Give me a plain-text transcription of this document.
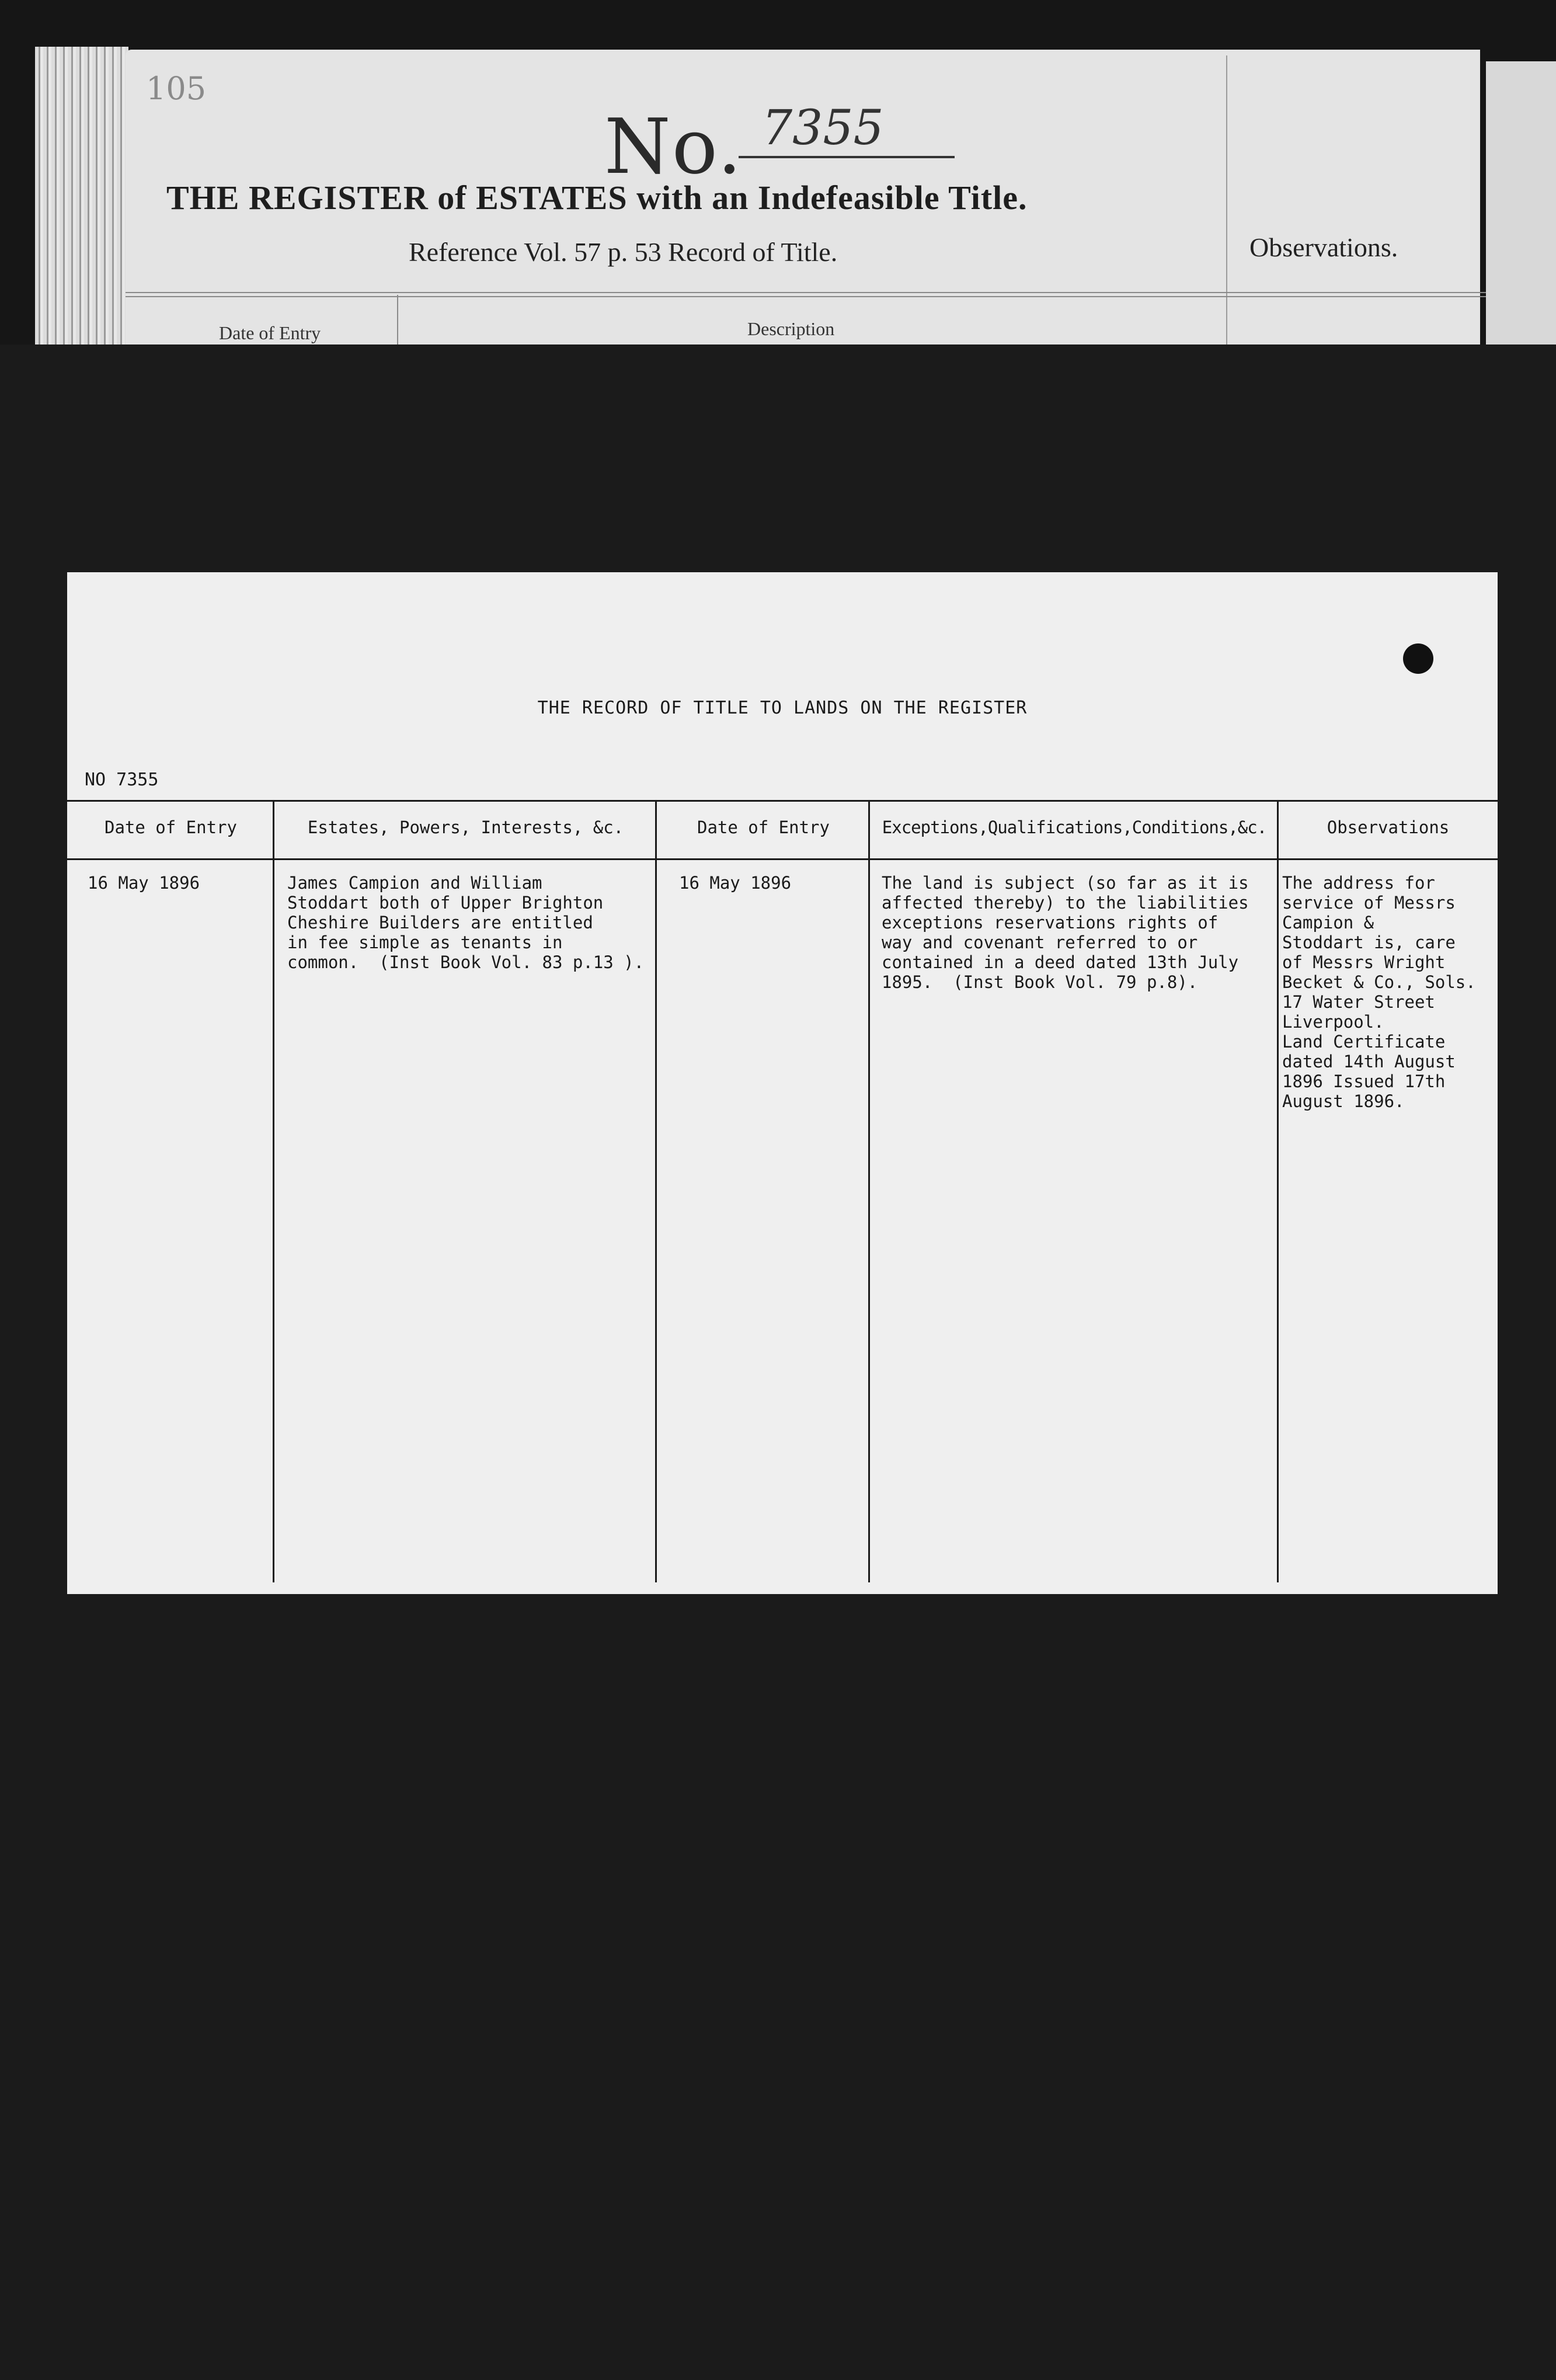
105
No. 7355
THE REGISTER of ESTATES with an Indefeasible Title.
Reference Vol. 57 p. 53 Record of Title.	Observations.
Date of Entry	Description
THE RECORD OF TITLE TO LANDS ON THE REGISTER
NO 7355
Date of Entry
16 May 1896
Estates, Powers, Interests, &c.
James Campion and William
Stoddart both of Upper Brighton
Cheshire Builders are entitled
in fee simple as tenants in
common.  (Inst Book Vol. 83 p.13 ).
Date of Entry
16 May 1896
Exceptions,Qualifications,Conditions,&c.
The land is subject (so far as it is
affected thereby) to the liabilities
exceptions reservations rights of
way and covenant referred to or
contained in a deed dated 13th July
1895.  (Inst Book Vol. 79 p.8).
Observations
The address for
service of Messrs
Campion &
Stoddart is, care
of Messrs Wright
Becket & Co., Sols.
17 Water Street
Liverpool.
Land Certificate
dated 14th August
1896 Issued 17th
August 1896.
